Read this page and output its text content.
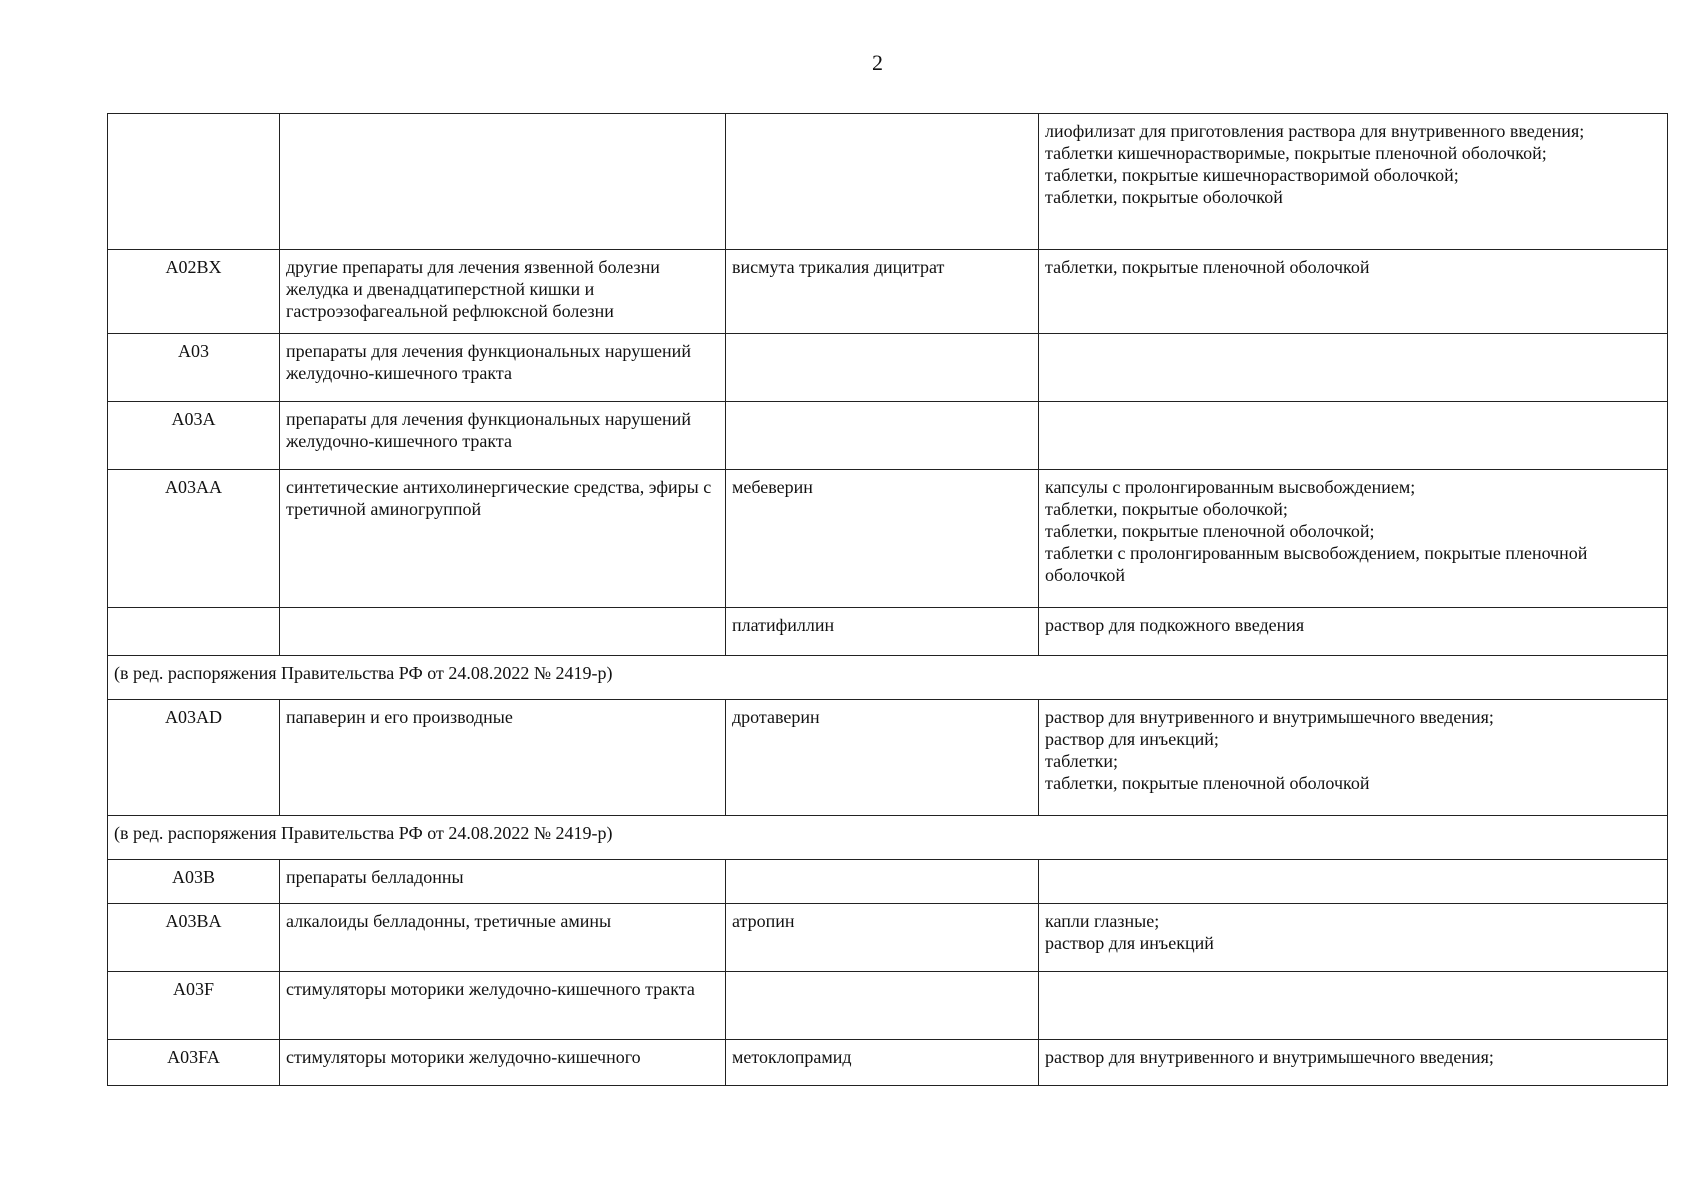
2

			лиофилизат для приготовления раствора для внутривенного введения;
таблетки кишечнорастворимые, покрытые пленочной оболочкой;
таблетки, покрытые кишечнорастворимой оболочкой;
таблетки, покрытые оболочкой

A02BX	другие препараты для лечения язвенной болезни желудка и двенадцатиперстной кишки и гастроэзофагеальной рефлюксной болезни	висмута трикалия дицитрат	таблетки, покрытые пленочной оболочкой

A03	препараты для лечения функциональных нарушений желудочно-кишечного тракта		
A03A	препараты для лечения функциональных нарушений желудочно-кишечного тракта		
A03AA	синтетические антихолинергические средства, эфиры с третичной аминогруппой	мебеверин	капсулы с пролонгированным высвобождением;
таблетки, покрытые оболочкой;
таблетки, покрытые пленочной оболочкой;
таблетки с пролонгированным высвобождением, покрытые пленочной оболочкой

		платифиллин	раствор для подкожного введения

(в ред. распоряжения Правительства РФ от 24.08.2022 № 2419-р)			
A03AD	папаверин и его производные	дротаверин	раствор для внутривенного и внутримышечного введения;
раствор для инъекций;
таблетки;
таблетки, покрытые пленочной оболочкой

(в ред. распоряжения Правительства РФ от 24.08.2022 № 2419-р)			
A03B	препараты белладонны		
A03BA	алкалоиды белладонны, третичные амины	атропин	капли глазные;
раствор для инъекций

A03F	стимуляторы моторики желудочно-кишечного тракта		
A03FA	стимуляторы моторики желудочно-кишечного	метоклопрамид	раствор для внутривенного и внутримышечного введения;
